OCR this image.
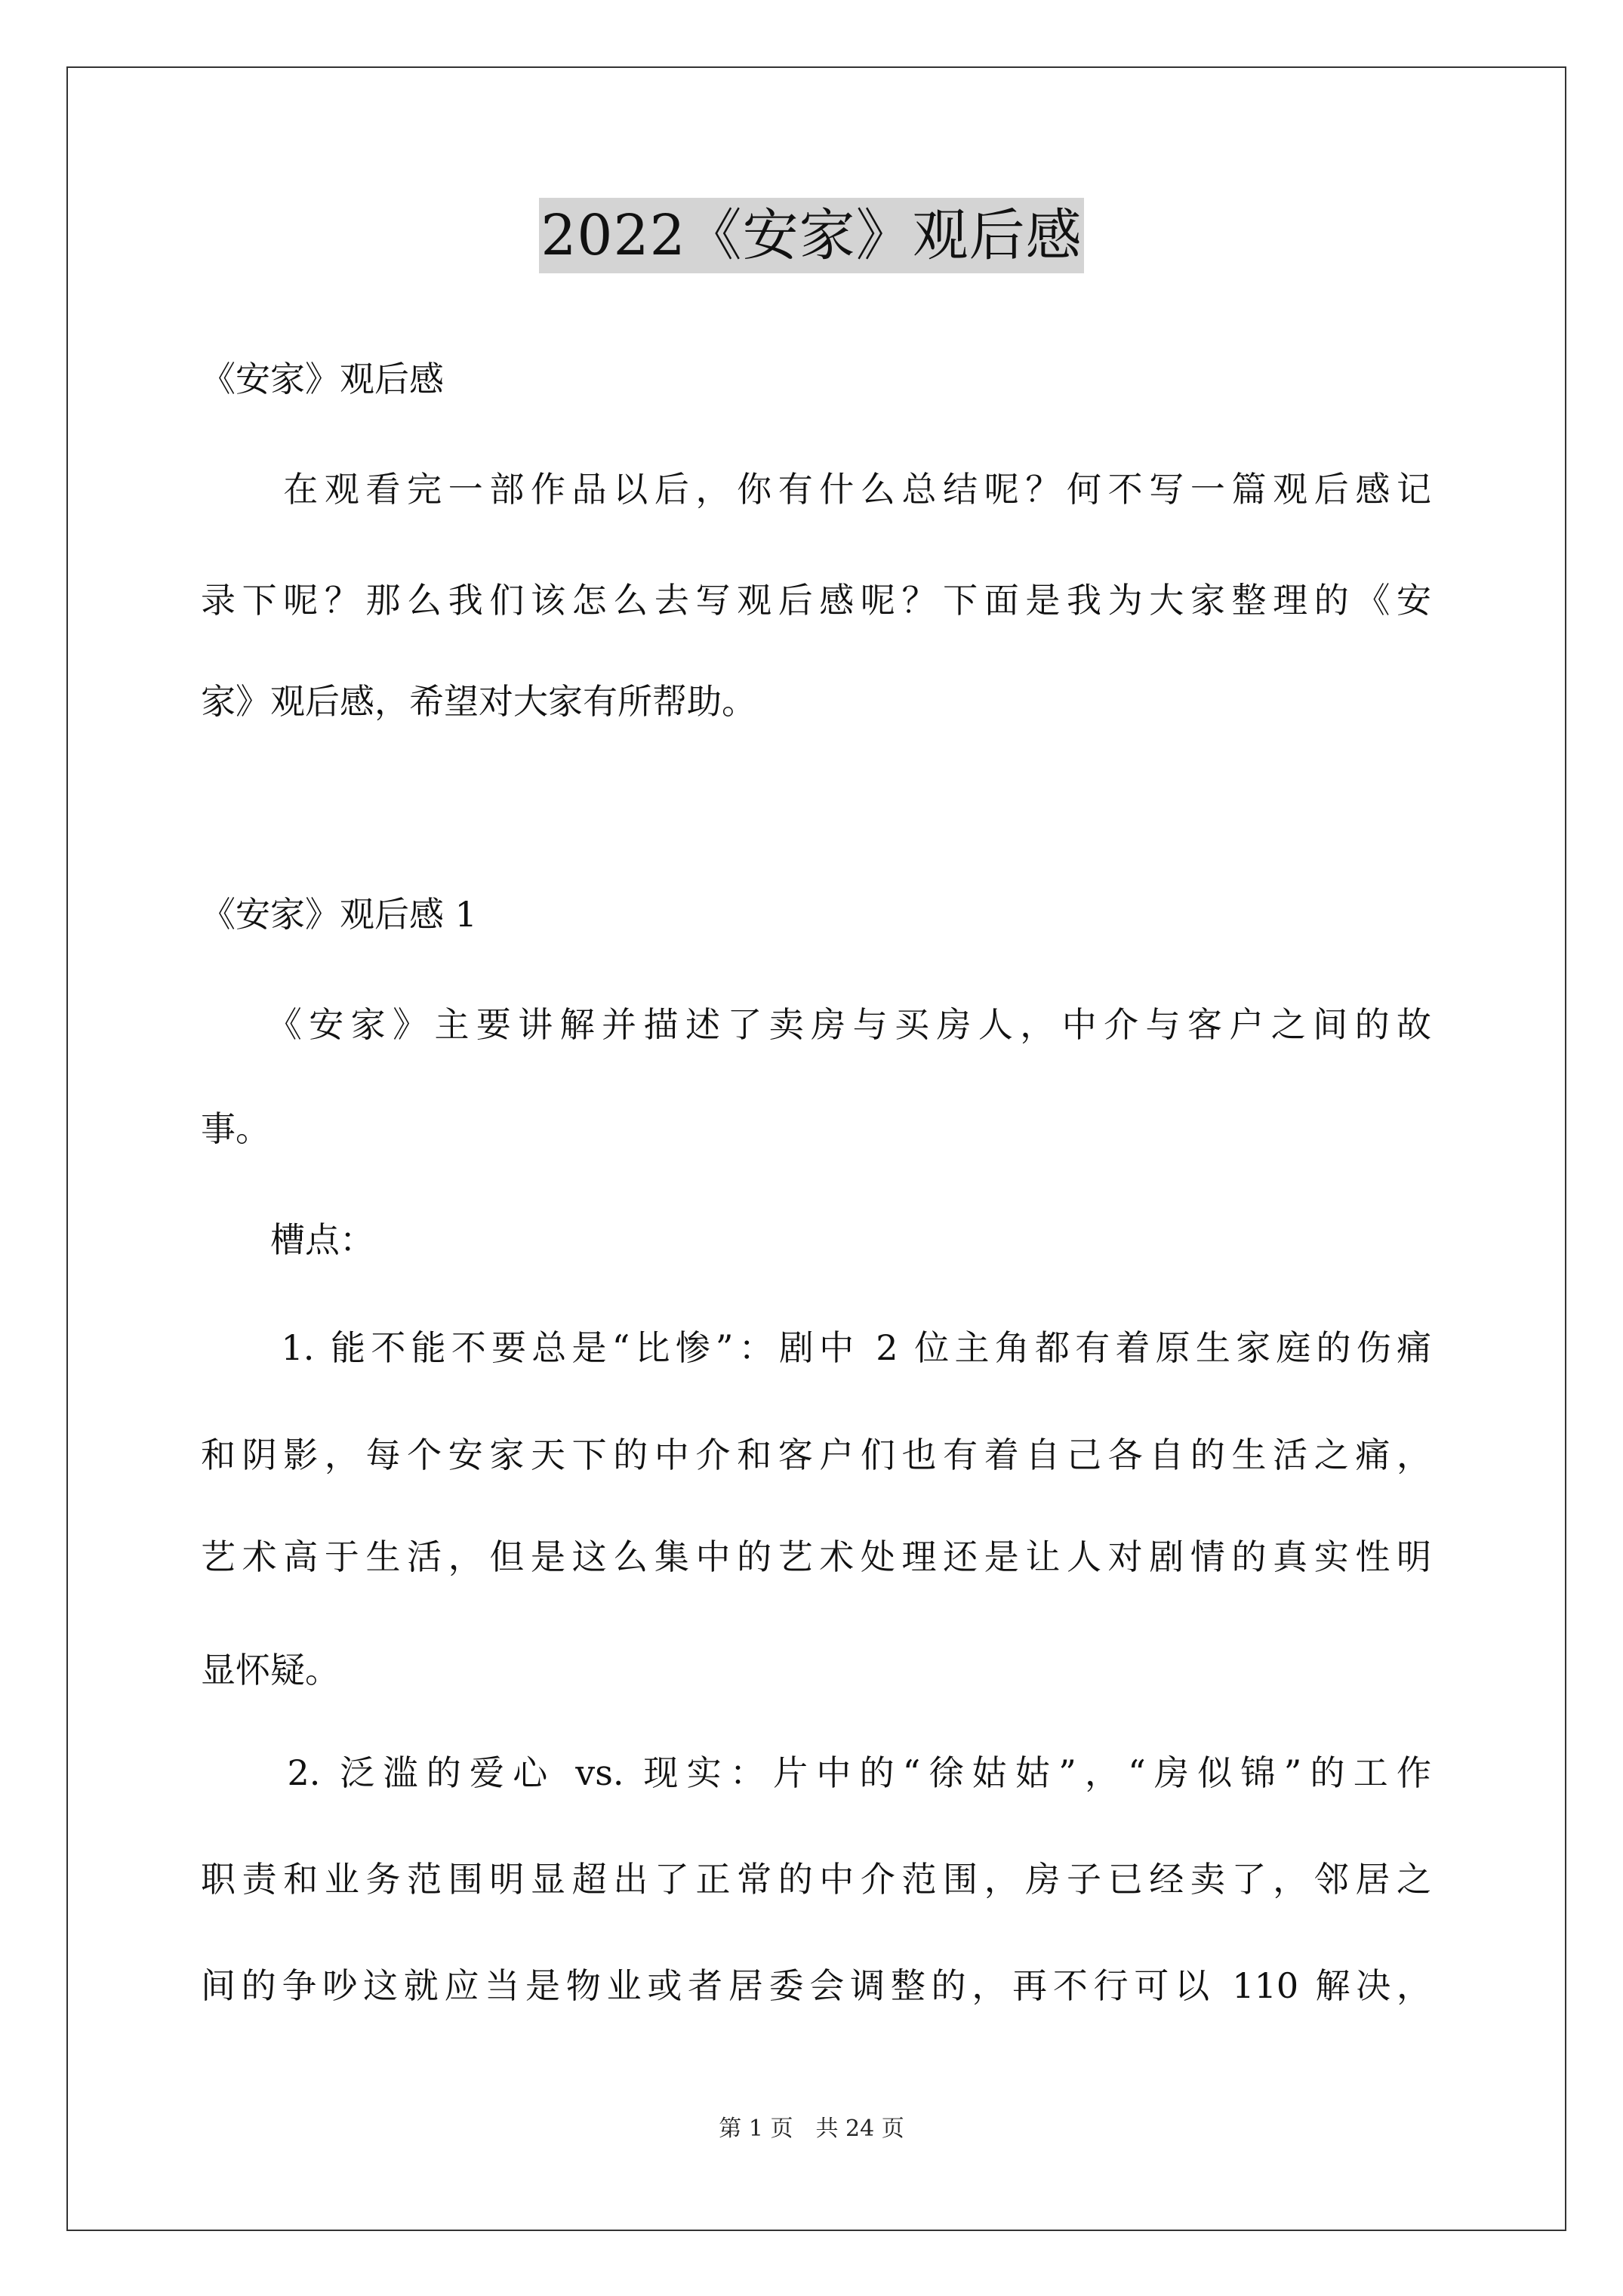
2022《安家》观后感
《安家》观后感
　　在观看完一部作品以后，你有什么总结呢？何不写一篇观后感记
录下呢？那么我们该怎么去写观后感呢？下面是我为大家整理的《安
家》观后感，希望对大家有所帮助。
《安家》观后感 1
　　《安家》主要讲解并描述了卖房与买房人，中介与客户之间的故
事。
　　槽点：
　　1. 能不能不要总是“比惨”：剧中 2 位主角都有着原生家庭的伤痛
和阴影，每个安家天下的中介和客户们也有着自己各自的生活之痛，
艺术高于生活，但是这么集中的艺术处理还是让人对剧情的真实性明
显怀疑。
　　2. 泛滥的爱心 vs. 现实：片中的“徐姑姑”，“房似锦”的工作
职责和业务范围明显超出了正常的中介范围，房子已经卖了，邻居之
间的争吵这就应当是物业或者居委会调整的，再不行可以 110 解决，
第 1 页　共 24 页
